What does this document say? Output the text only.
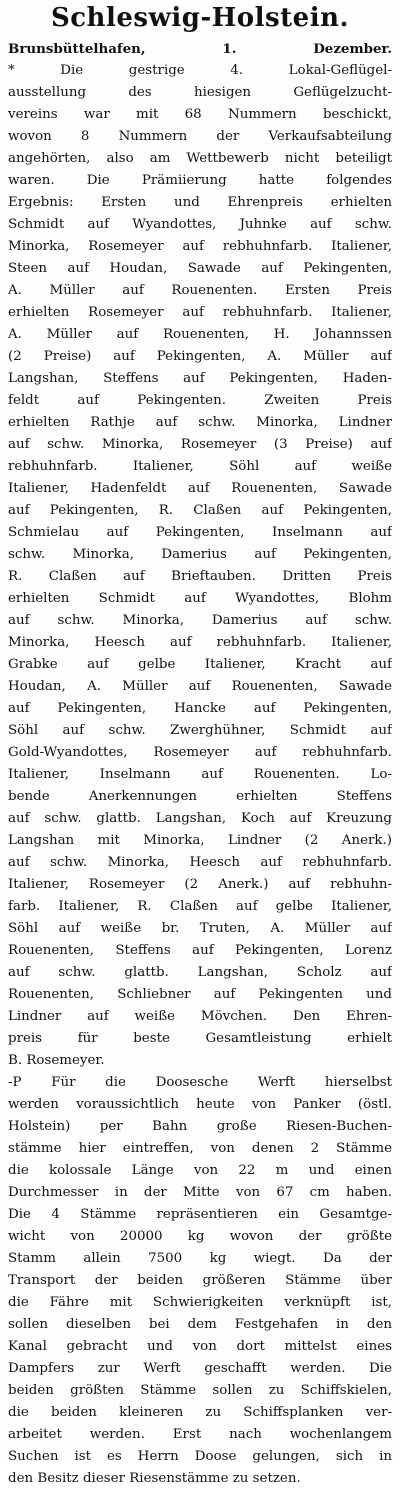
Schleswig-Holstein.
Brunsbüttelhafen, 1. Dezember.
* Die gestrige 4. Lokal-Geflügel-
ausstellung des hiesigen Geflügelzucht-
vereins war mit 68 Nummern beschickt,
wovon 8 Nummern der Verkaufsabteilung
angehörten, also am Wettbewerb nicht beteiligt
waren. Die Prämiierung hatte folgendes
Ergebnis: Ersten und Ehrenpreis erhielten
Schmidt auf Wyandottes, Juhnke auf schw.
Minorka, Rosemeyer auf rebhuhnfarb. Italiener,
Steen auf Houdan, Sawade auf Pekingenten,
A. Müller auf Rouenenten. Ersten Preis
erhielten Rosemeyer auf rebhuhnfarb. Italiener,
A. Müller auf Rouenenten, H. Johannssen
(2 Preise) auf Pekingenten, A. Müller auf
Langshan, Steffens auf Pekingenten, Haden-
feldt auf Pekingenten. Zweiten Preis
erhielten Rathje auf schw. Minorka, Lindner
auf schw. Minorka, Rosemeyer (3 Preise) auf
rebhuhnfarb. Italiener, Söhl auf weiße
Italiener, Hadenfeldt auf Rouenenten, Sawade
auf Pekingenten, R. Claßen auf Pekingenten,
Schmielau auf Pekingenten, Inselmann auf
schw. Minorka, Damerius auf Pekingenten,
R. Claßen auf Brieftauben. Dritten Preis
erhielten Schmidt auf Wyandottes, Blohm
auf schw. Minorka, Damerius auf schw.
Minorka, Heesch auf rebhuhnfarb. Italiener,
Grabke auf gelbe Italiener, Kracht auf
Houdan, A. Müller auf Rouenenten, Sawade
auf Pekingenten, Hancke auf Pekingenten,
Söhl auf schw. Zwerghühner, Schmidt auf
Gold-Wyandottes, Rosemeyer auf rebhuhnfarb.
Italiener, Inselmann auf Rouenenten. Lo-
bende Anerkennungen erhielten Steffens
auf schw. glattb. Langshan, Koch auf Kreuzung
Langshan mit Minorka, Lindner (2 Anerk.)
auf schw. Minorka, Heesch auf rebhuhnfarb.
Italiener, Rosemeyer (2 Anerk.) auf rebhuhn-
farb. Italiener, R. Claßen auf gelbe Italiener,
Söhl auf weiße br. Truten, A. Müller auf
Rouenenten, Steffens auf Pekingenten, Lorenz
auf schw. glattb. Langshan, Scholz auf
Rouenenten, Schliebner auf Pekingenten und
Lindner auf weiße Mövchen. Den Ehren-
preis für beste Gesamtleistung erhielt
B. Rosemeyer.
-P Für die Doosesche Werft hierselbst
werden voraussichtlich heute von Panker (östl.
Holstein) per Bahn große Riesen-Buchen-
stämme hier eintreffen, von denen 2 Stämme
die kolossale Länge von 22 m und einen
Durchmesser in der Mitte von 67 cm haben.
Die 4 Stämme repräsentieren ein Gesamtge-
wicht von 20000 kg wovon der größte
Stamm allein 7500 kg wiegt. Da der
Transport der beiden größeren Stämme über
die Fähre mit Schwierigkeiten verknüpft ist,
sollen dieselben bei dem Festgehafen in den
Kanal gebracht und von dort mittelst eines
Dampfers zur Werft geschafft werden. Die
beiden größten Stämme sollen zu Schiffskielen,
die beiden kleineren zu Schiffsplanken ver-
arbeitet werden. Erst nach wochenlangem
Suchen ist es Herrn Doose gelungen, sich in
den Besitz dieser Riesenstämme zu setzen.
